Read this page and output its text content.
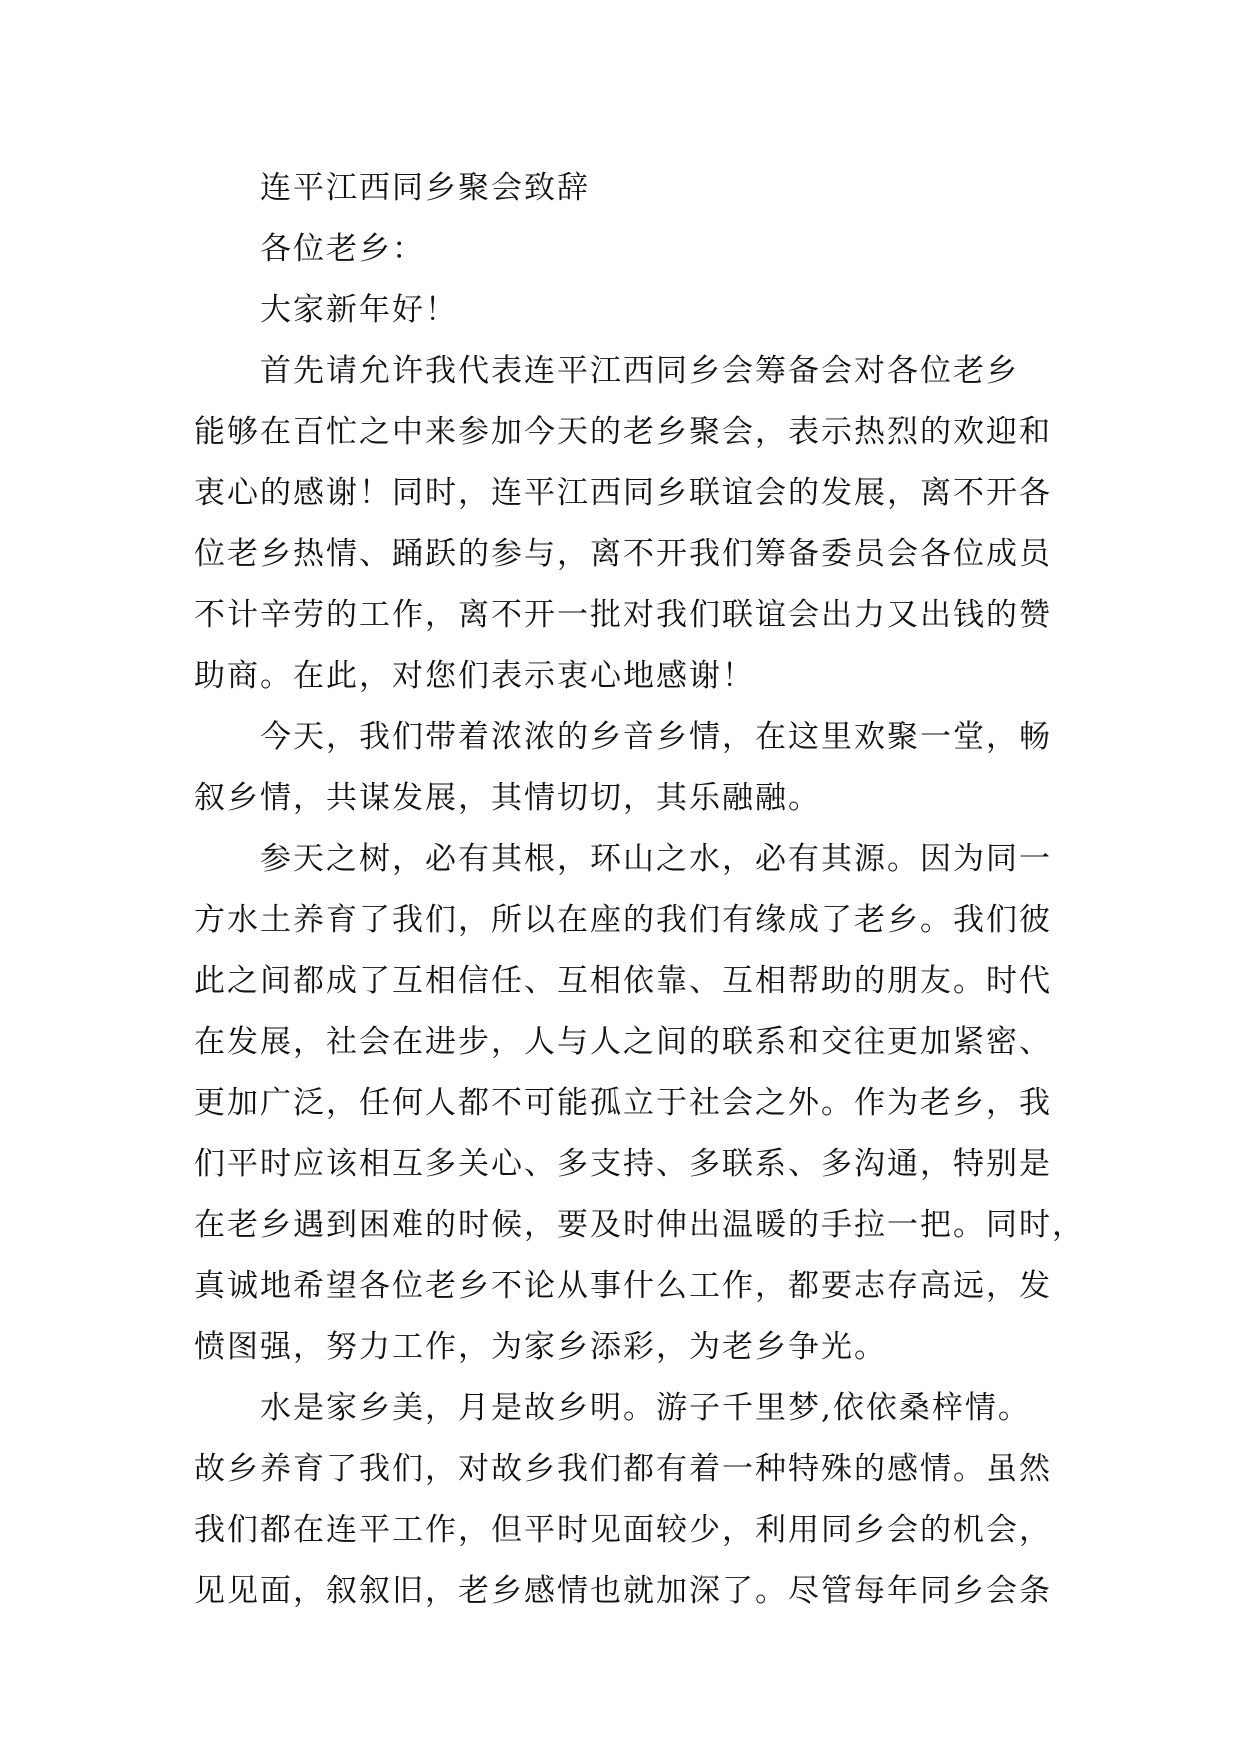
连平江西同乡聚会致辞
各位老乡：
大家新年好！
首先请允许我代表连平江西同乡会筹备会对各位老乡
能够在百忙之中来参加今天的老乡聚会，表示热烈的欢迎和
衷心的感谢！同时，连平江西同乡联谊会的发展，离不开各
位老乡热情、踊跃的参与，离不开我们筹备委员会各位成员
不计辛劳的工作，离不开一批对我们联谊会出力又出钱的赞
助商。在此，对您们表示衷心地感谢！
今天，我们带着浓浓的乡音乡情，在这里欢聚一堂，畅
叙乡情，共谋发展，其情切切，其乐融融。
参天之树，必有其根，环山之水，必有其源。因为同一
方水土养育了我们，所以在座的我们有缘成了老乡。我们彼
此之间都成了互相信任、互相依靠、互相帮助的朋友。时代
在发展，社会在进步，人与人之间的联系和交往更加紧密、
更加广泛，任何人都不可能孤立于社会之外。作为老乡，我
们平时应该相互多关心、多支持、多联系、多沟通，特别是
在老乡遇到困难的时候，要及时伸出温暖的手拉一把。同时，
真诚地希望各位老乡不论从事什么工作，都要志存高远，发
愤图强，努力工作，为家乡添彩，为老乡争光。
水是家乡美，月是故乡明。游子千里梦,依依桑梓情。
故乡养育了我们，对故乡我们都有着一种特殊的感情。虽然
我们都在连平工作，但平时见面较少，利用同乡会的机会，
见见面，叙叙旧，老乡感情也就加深了。尽管每年同乡会条
